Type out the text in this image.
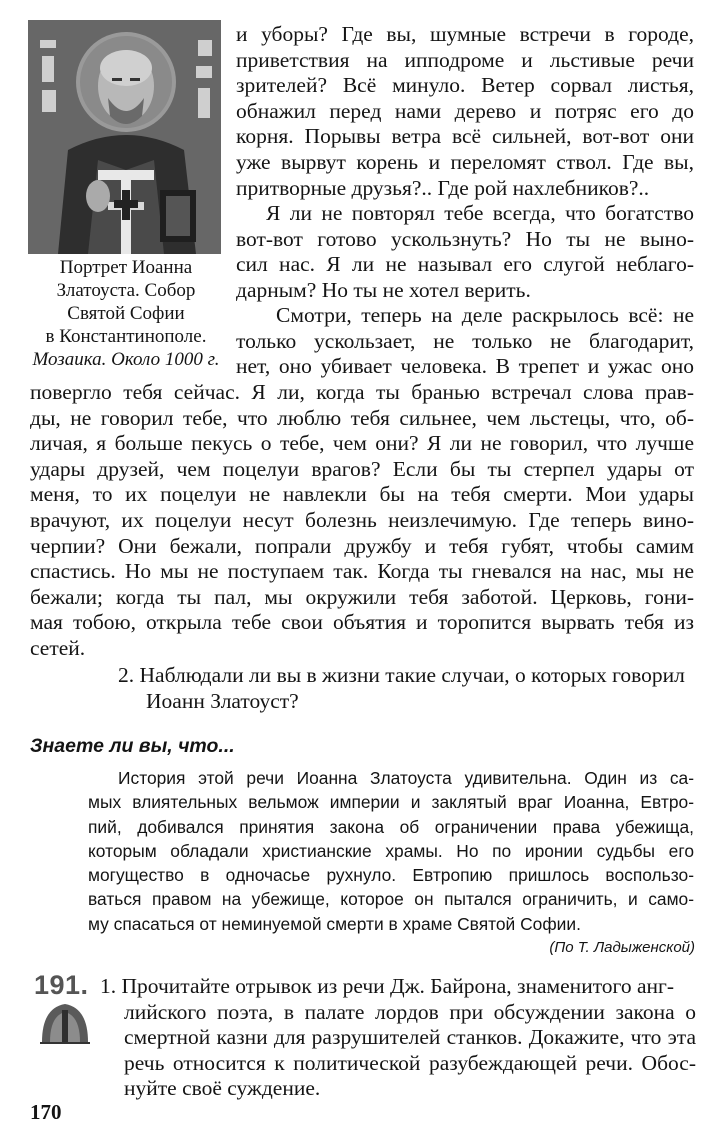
Портрет Иоанна
Златоуста. Собор
Святой Софии
в Константинополе.
Мозаика. Около 1000 г.
и уборы? Где вы, шумные встречи в городе,
приветствия на ипподроме и льстивые речи
зрителей? Всё минуло. Ветер сорвал листья,
обнажил перед нами дерево и потряс его до
корня. Порывы ветра всё сильней, вот-вот они
уже вырвут корень и переломят ствол. Где вы,
притворные друзья?.. Где рой нахлебников?..
Я ли не повторял тебе всегда, что богатство
вот-вот готово ускользнуть? Но ты не выно-
сил нас. Я ли не называл его слугой неблаго-
дарным? Но ты не хотел верить.
Смотри, теперь на деле раскрылось всё: не
только ускользает, не только не благодарит,
нет, оно убивает человека. В трепет и ужас оно
повергло тебя сейчас. Я ли, когда ты бранью встречал слова прав-
ды, не говорил тебе, что люблю тебя сильнее, чем льстецы, что, об-
личая, я больше пекусь о тебе, чем они? Я ли не говорил, что лучше
удары друзей, чем поцелуи врагов? Если бы ты стерпел удары от
меня, то их поцелуи не навлекли бы на тебя смерти. Мои удары
врачуют, их поцелуи несут болезнь неизлечимую. Где теперь вино-
черпии? Они бежали, попрали дружбу и тебя губят, чтобы самим
спастись. Но мы не поступаем так. Когда ты гневался на нас, мы не
бежали; когда ты пал, мы окружили тебя заботой. Церковь, гони-
мая тобою, открыла тебе свои объятия и торопится вырвать тебя из
сетей.
2. Наблюдали ли вы в жизни такие случаи, о которых говорил
Иоанн Златоуст?
Знаете ли вы, что...
История этой речи Иоанна Златоуста удивительна. Один из са-
мых влиятельных вельмож империи и заклятый враг Иоанна, Евтро-
пий, добивался принятия закона об ограничении права убежища,
которым обладали христианские храмы. Но по иронии судьбы его
могущество в одночасье рухнуло. Евтропию пришлось воспользо-
ваться правом на убежище, которое он пытался ограничить, и само-
му спасаться от неминуемой смерти в храме Святой Софии.
(По Т. Ладыженской)
191. 1. Прочитайте отрывок из речи Дж. Байрона, знаменитого анг-
лийского поэта, в палате лордов при обсуждении закона о
смертной казни для разрушителей станков. Докажите, что эта
речь относится к политической разубеждающей речи. Обос-
нуйте своё суждение.
170
